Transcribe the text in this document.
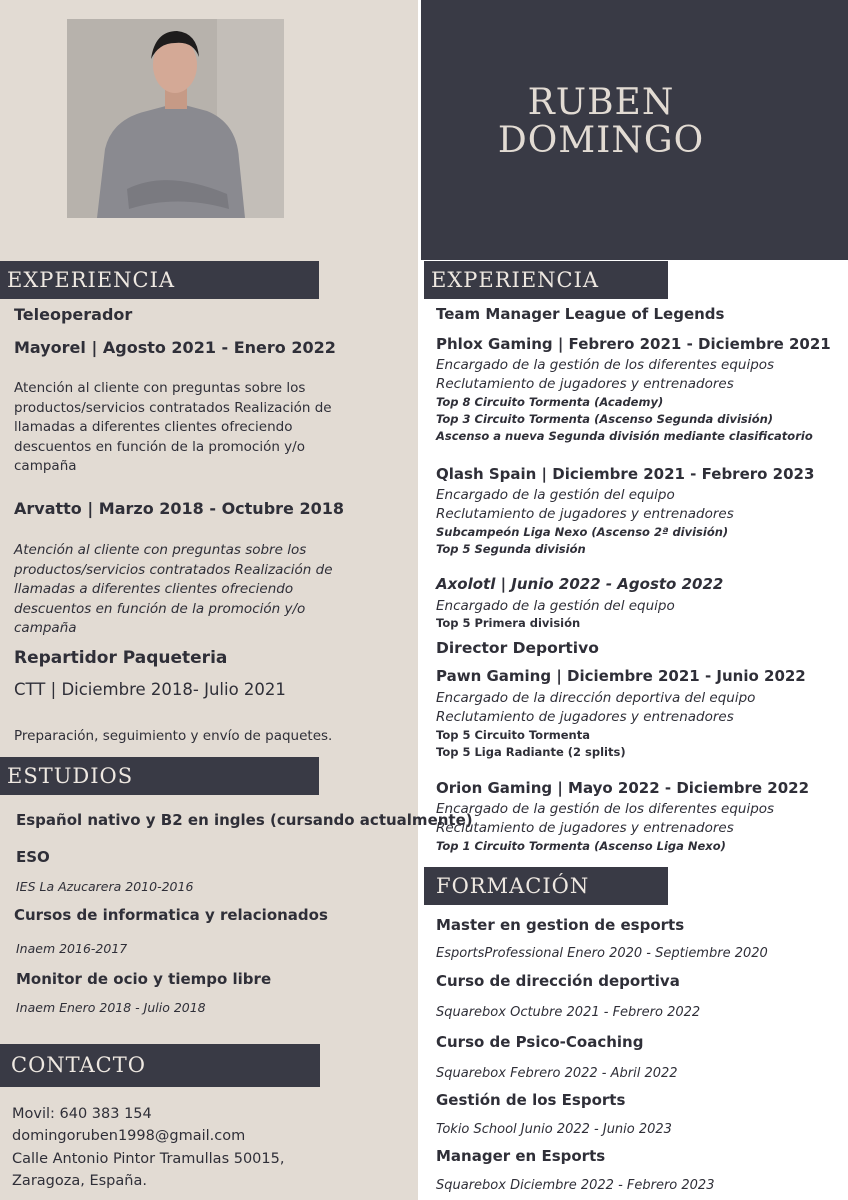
RUBEN
DOMINGO
EXPERIENCIA
Teleoperador
Mayorel | Agosto 2021 - Enero 2022
Atención al cliente con preguntas sobre los productos/servicios contratados Realización de llamadas a diferentes clientes ofreciendo descuentos en función de la promoción y/o campaña
Arvatto | Marzo 2018 - Octubre 2018
Atención al cliente con preguntas sobre los productos/servicios contratados Realización de llamadas a diferentes clientes ofreciendo descuentos en función de la promoción y/o campaña
Repartidor Paqueteria
CTT | Diciembre 2018- Julio 2021
Preparación, seguimiento y envío de paquetes.
ESTUDIOS
Español nativo y B2 en ingles (cursando actualmente)
ESO
IES La Azucarera 2010-2016
Cursos de informatica y relacionados
Inaem 2016-2017
Monitor de ocio y tiempo libre
Inaem Enero 2018 - Julio 2018
CONTACTO
Movil: 640 383 154
domingoruben1998@gmail.com
Calle Antonio Pintor Tramullas 50015, Zaragoza, España.
EXPERIENCIA
Team Manager League of Legends
Phlox Gaming | Febrero 2021 - Diciembre 2021
Encargado de la gestión de los diferentes equipos
Reclutamiento de jugadores y entrenadores
Top 8 Circuito Tormenta (Academy)
Top 3 Circuito Tormenta (Ascenso Segunda división)
Ascenso a nueva Segunda división mediante clasificatorio
Qlash Spain | Diciembre 2021 - Febrero 2023
Encargado de la gestión del equipo
Reclutamiento de jugadores y entrenadores
Subcampeón Liga Nexo (Ascenso 2ª división)
Top 5 Segunda división
Axolotl | Junio 2022 - Agosto 2022
Encargado de la gestión del equipo
Top 5 Primera división
Director Deportivo
Pawn Gaming | Diciembre 2021 - Junio 2022
Encargado de la dirección deportiva del equipo
Reclutamiento de jugadores y entrenadores
Top 5 Circuito Tormenta
Top 5 Liga Radiante (2 splits)
Orion Gaming | Mayo 2022 - Diciembre 2022
Encargado de la gestión de los diferentes equipos
Reclutamiento de jugadores y entrenadores
Top 1 Circuito Tormenta (Ascenso Liga Nexo)
FORMACIÓN
Master en gestion de esports
EsportsProfessional Enero 2020 - Septiembre 2020
Curso de dirección deportiva
Squarebox Octubre 2021 - Febrero 2022
Curso de Psico-Coaching
Squarebox Febrero 2022 - Abril 2022
Gestión de los Esports
Tokio School Junio 2022 - Junio 2023
Manager en Esports
Squarebox Diciembre 2022 - Febrero 2023
